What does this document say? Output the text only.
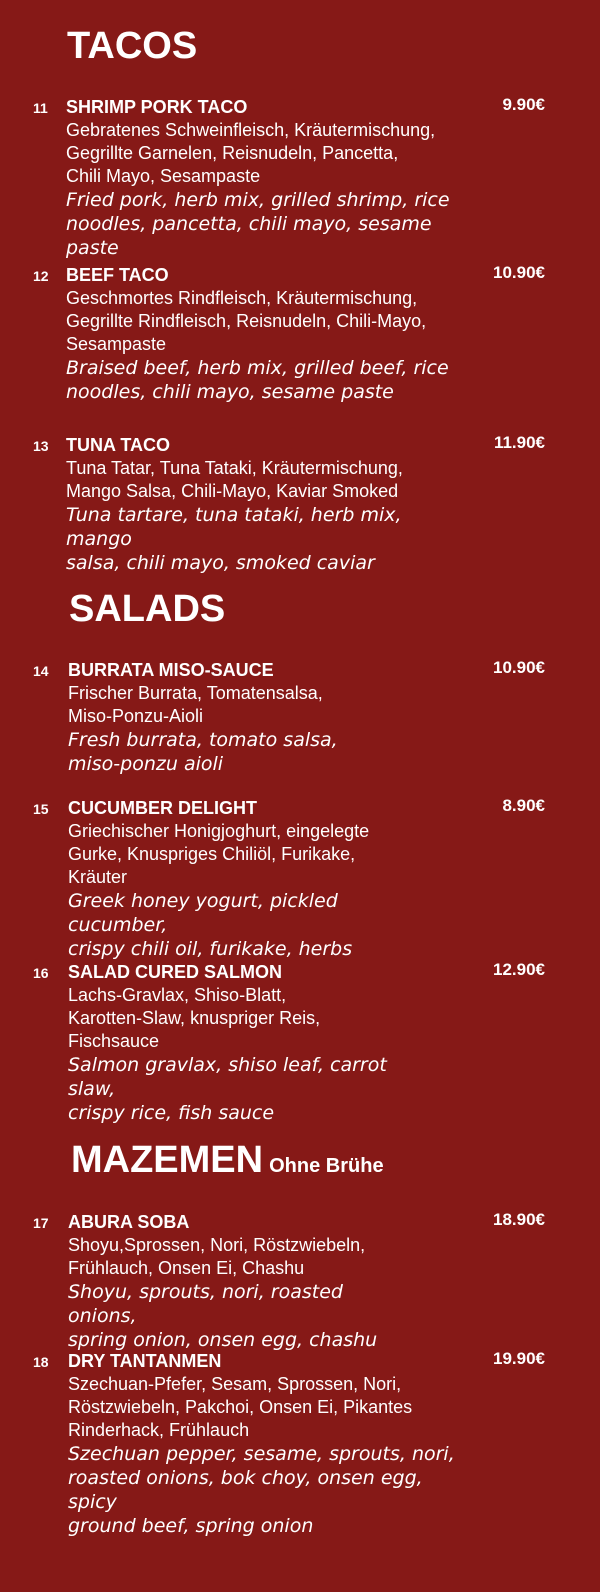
TACOS
SALADS
MAZEMEN Ohne Brühe
11 SHRIMP PORK TACO
Gebratenes Schweinfleisch, Kräutermischung,
Gegrillte Garnelen, Reisnudeln, Pancetta,
Chili Mayo, Sesampaste
Fried pork, herb mix, grilled shrimp, rice
noodles, pancetta, chili mayo, sesame
paste
9.90€
12 BEEF TACO
Geschmortes Rindfleisch, Kräutermischung,
Gegrillte Rindfleisch, Reisnudeln, Chili-Mayo,
Sesampaste
Braised beef, herb mix, grilled beef, rice
noodles, chili mayo, sesame paste
10.90€
13 TUNA TACO
Tuna Tatar, Tuna Tataki, Kräutermischung,
Mango Salsa, Chili-Mayo, Kaviar Smoked
Tuna tartare, tuna tataki, herb mix,
mango
salsa, chili mayo, smoked caviar
11.90€
14 BURRATA MISO-SAUCE
Frischer Burrata, Tomatensalsa,
Miso-Ponzu-Aioli
Fresh burrata, tomato salsa,
miso-ponzu aioli
10.90€
15 CUCUMBER DELIGHT
Griechischer Honigjoghurt, eingelegte
Gurke, Knuspriges Chiliöl, Furikake,
Kräuter
Greek honey yogurt, pickled
cucumber,
crispy chili oil, furikake, herbs
8.90€
16 SALAD CURED SALMON
Lachs-Gravlax, Shiso-Blatt,
Karotten-Slaw, knuspriger Reis,
Fischsauce
Salmon gravlax, shiso leaf, carrot
slaw,
crispy rice, fish sauce
12.90€
17 ABURA SOBA
Shoyu,Sprossen, Nori, Röstzwiebeln,
Frühlauch, Onsen Ei, Chashu
Shoyu, sprouts, nori, roasted
onions,
spring onion, onsen egg, chashu
18.90€
18 DRY TANTANMEN
Szechuan-Pfefer, Sesam, Sprossen, Nori,
Röstzwiebeln, Pakchoi, Onsen Ei, Pikantes
Rinderhack, Frühlauch
Szechuan pepper, sesame, sprouts, nori,
roasted onions, bok choy, onsen egg,
spicy
ground beef, spring onion
19.90€
